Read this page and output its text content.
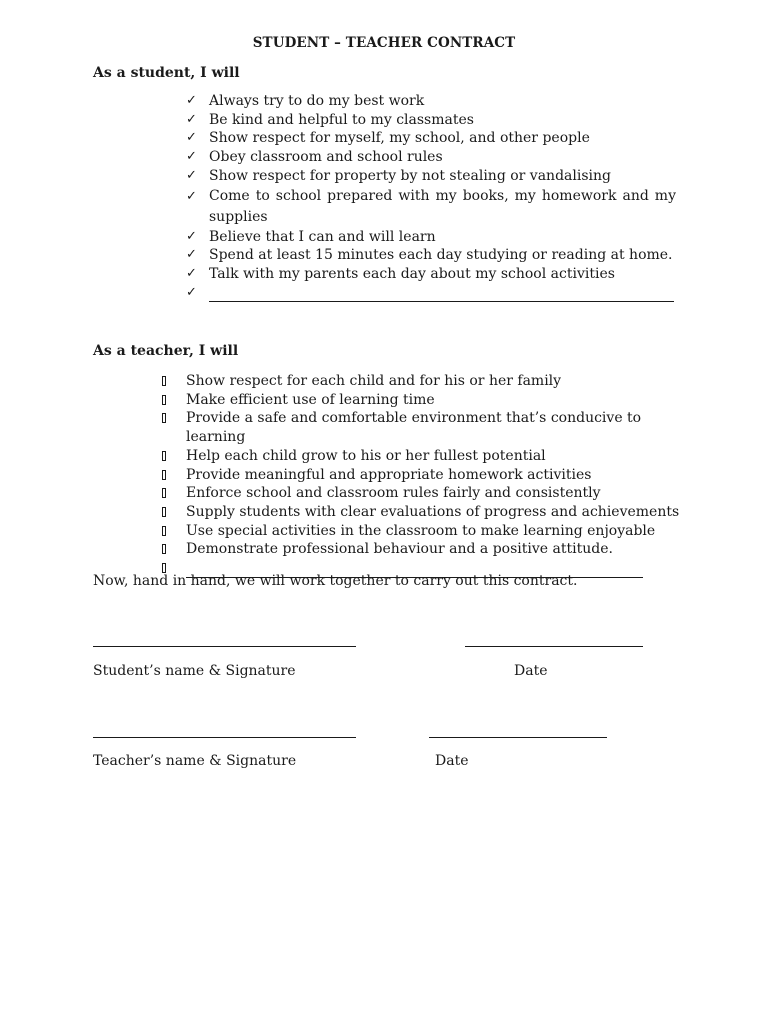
STUDENT – TEACHER CONTRACT
As a student, I will
✓ Always try to do my best work
✓ Be kind and helpful to my classmates
✓ Show respect for myself, my school, and other people
✓ Obey classroom and school rules
✓ Show respect for property by not stealing or vandalising
✓ Come to school prepared with my books, my homework and my supplies
✓ Believe that I can and will learn
✓ Spend at least 15 minutes each day studying or reading at home.
✓ Talk with my parents each day about my school activities
✓
As a teacher, I will
Show respect for each child and for his or her family
Make efficient use of learning time
Provide a safe and comfortable environment that’s conducive to learning
Help each child grow to his or her fullest potential
Provide meaningful and appropriate homework activities
Enforce school and classroom rules fairly and consistently
Supply students with clear evaluations of progress and achievements
Use special activities in the classroom to make learning enjoyable
Demonstrate professional behaviour and a positive attitude.
Now, hand in hand, we will work together to carry out this contract.
Student’s name & Signature	Date
Teacher’s name & Signature	Date
